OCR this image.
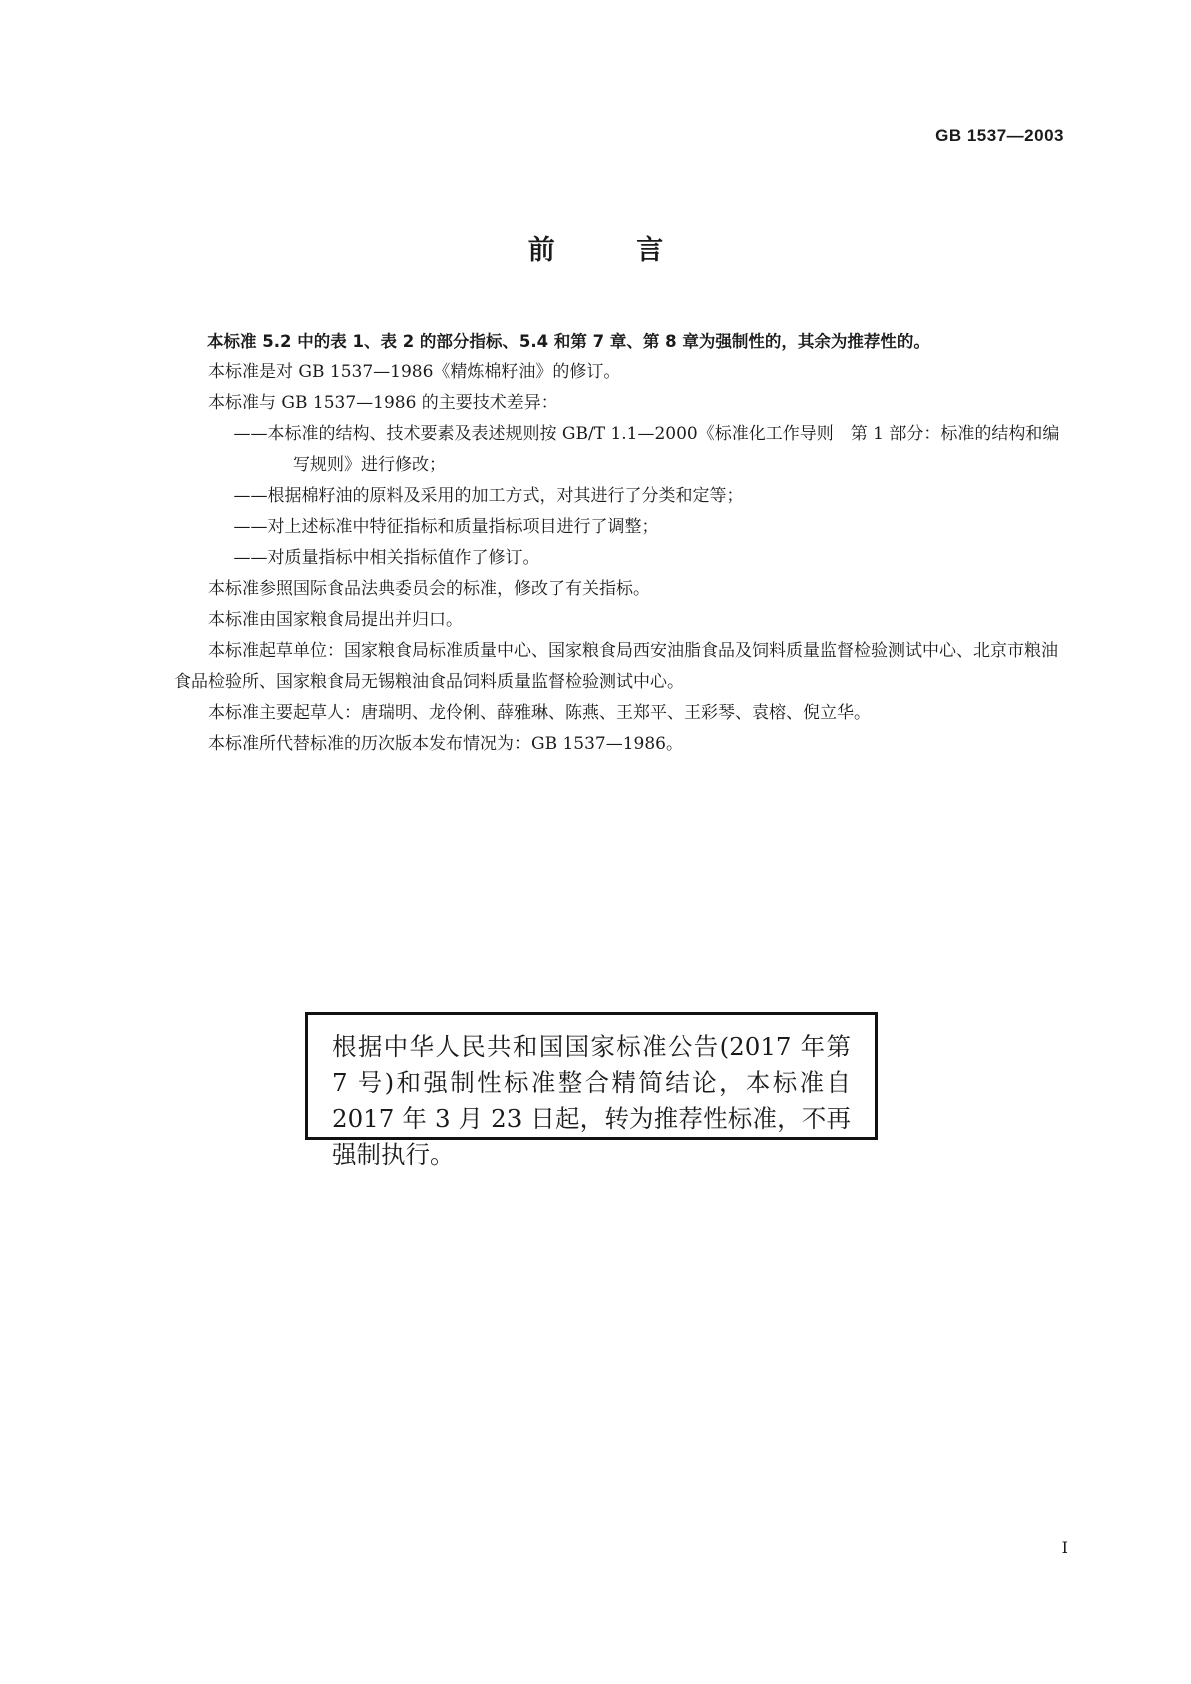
GB 1537—2003
前 言

本标准 5.2 中的表 1、表 2 的部分指标、5.4 和第 7 章、第 8 章为强制性的，其余为推荐性的。

本标准是对 GB 1537—1986《精炼棉籽油》的修订。

本标准与 GB 1537—1986 的主要技术差异：

——本标准的结构、技术要素及表述规则按 GB/T 1.1—2000《标准化工作导则　第 1 部分：标准的结构和编写规则》进行修改；

——根据棉籽油的原料及采用的加工方式，对其进行了分类和定等；

——对上述标准中特征指标和质量指标项目进行了调整；

——对质量指标中相关指标值作了修订。

本标准参照国际食品法典委员会的标准，修改了有关指标。

本标准由国家粮食局提出并归口。

本标准起草单位：国家粮食局标准质量中心、国家粮食局西安油脂食品及饲料质量监督检验测试中心、北京市粮油食品检验所、国家粮食局无锡粮油食品饲料质量监督检验测试中心。

本标准主要起草人：唐瑞明、龙伶俐、薛雅琳、陈燕、王郑平、王彩琴、袁榕、倪立华。

本标准所代替标准的历次版本发布情况为：GB 1537—1986。

根据中华人民共和国国家标准公告(2017 年第 7 号)和强制性标准整合精简结论，本标准自 2017 年 3 月 23 日起，转为推荐性标准，不再强制执行。
I
